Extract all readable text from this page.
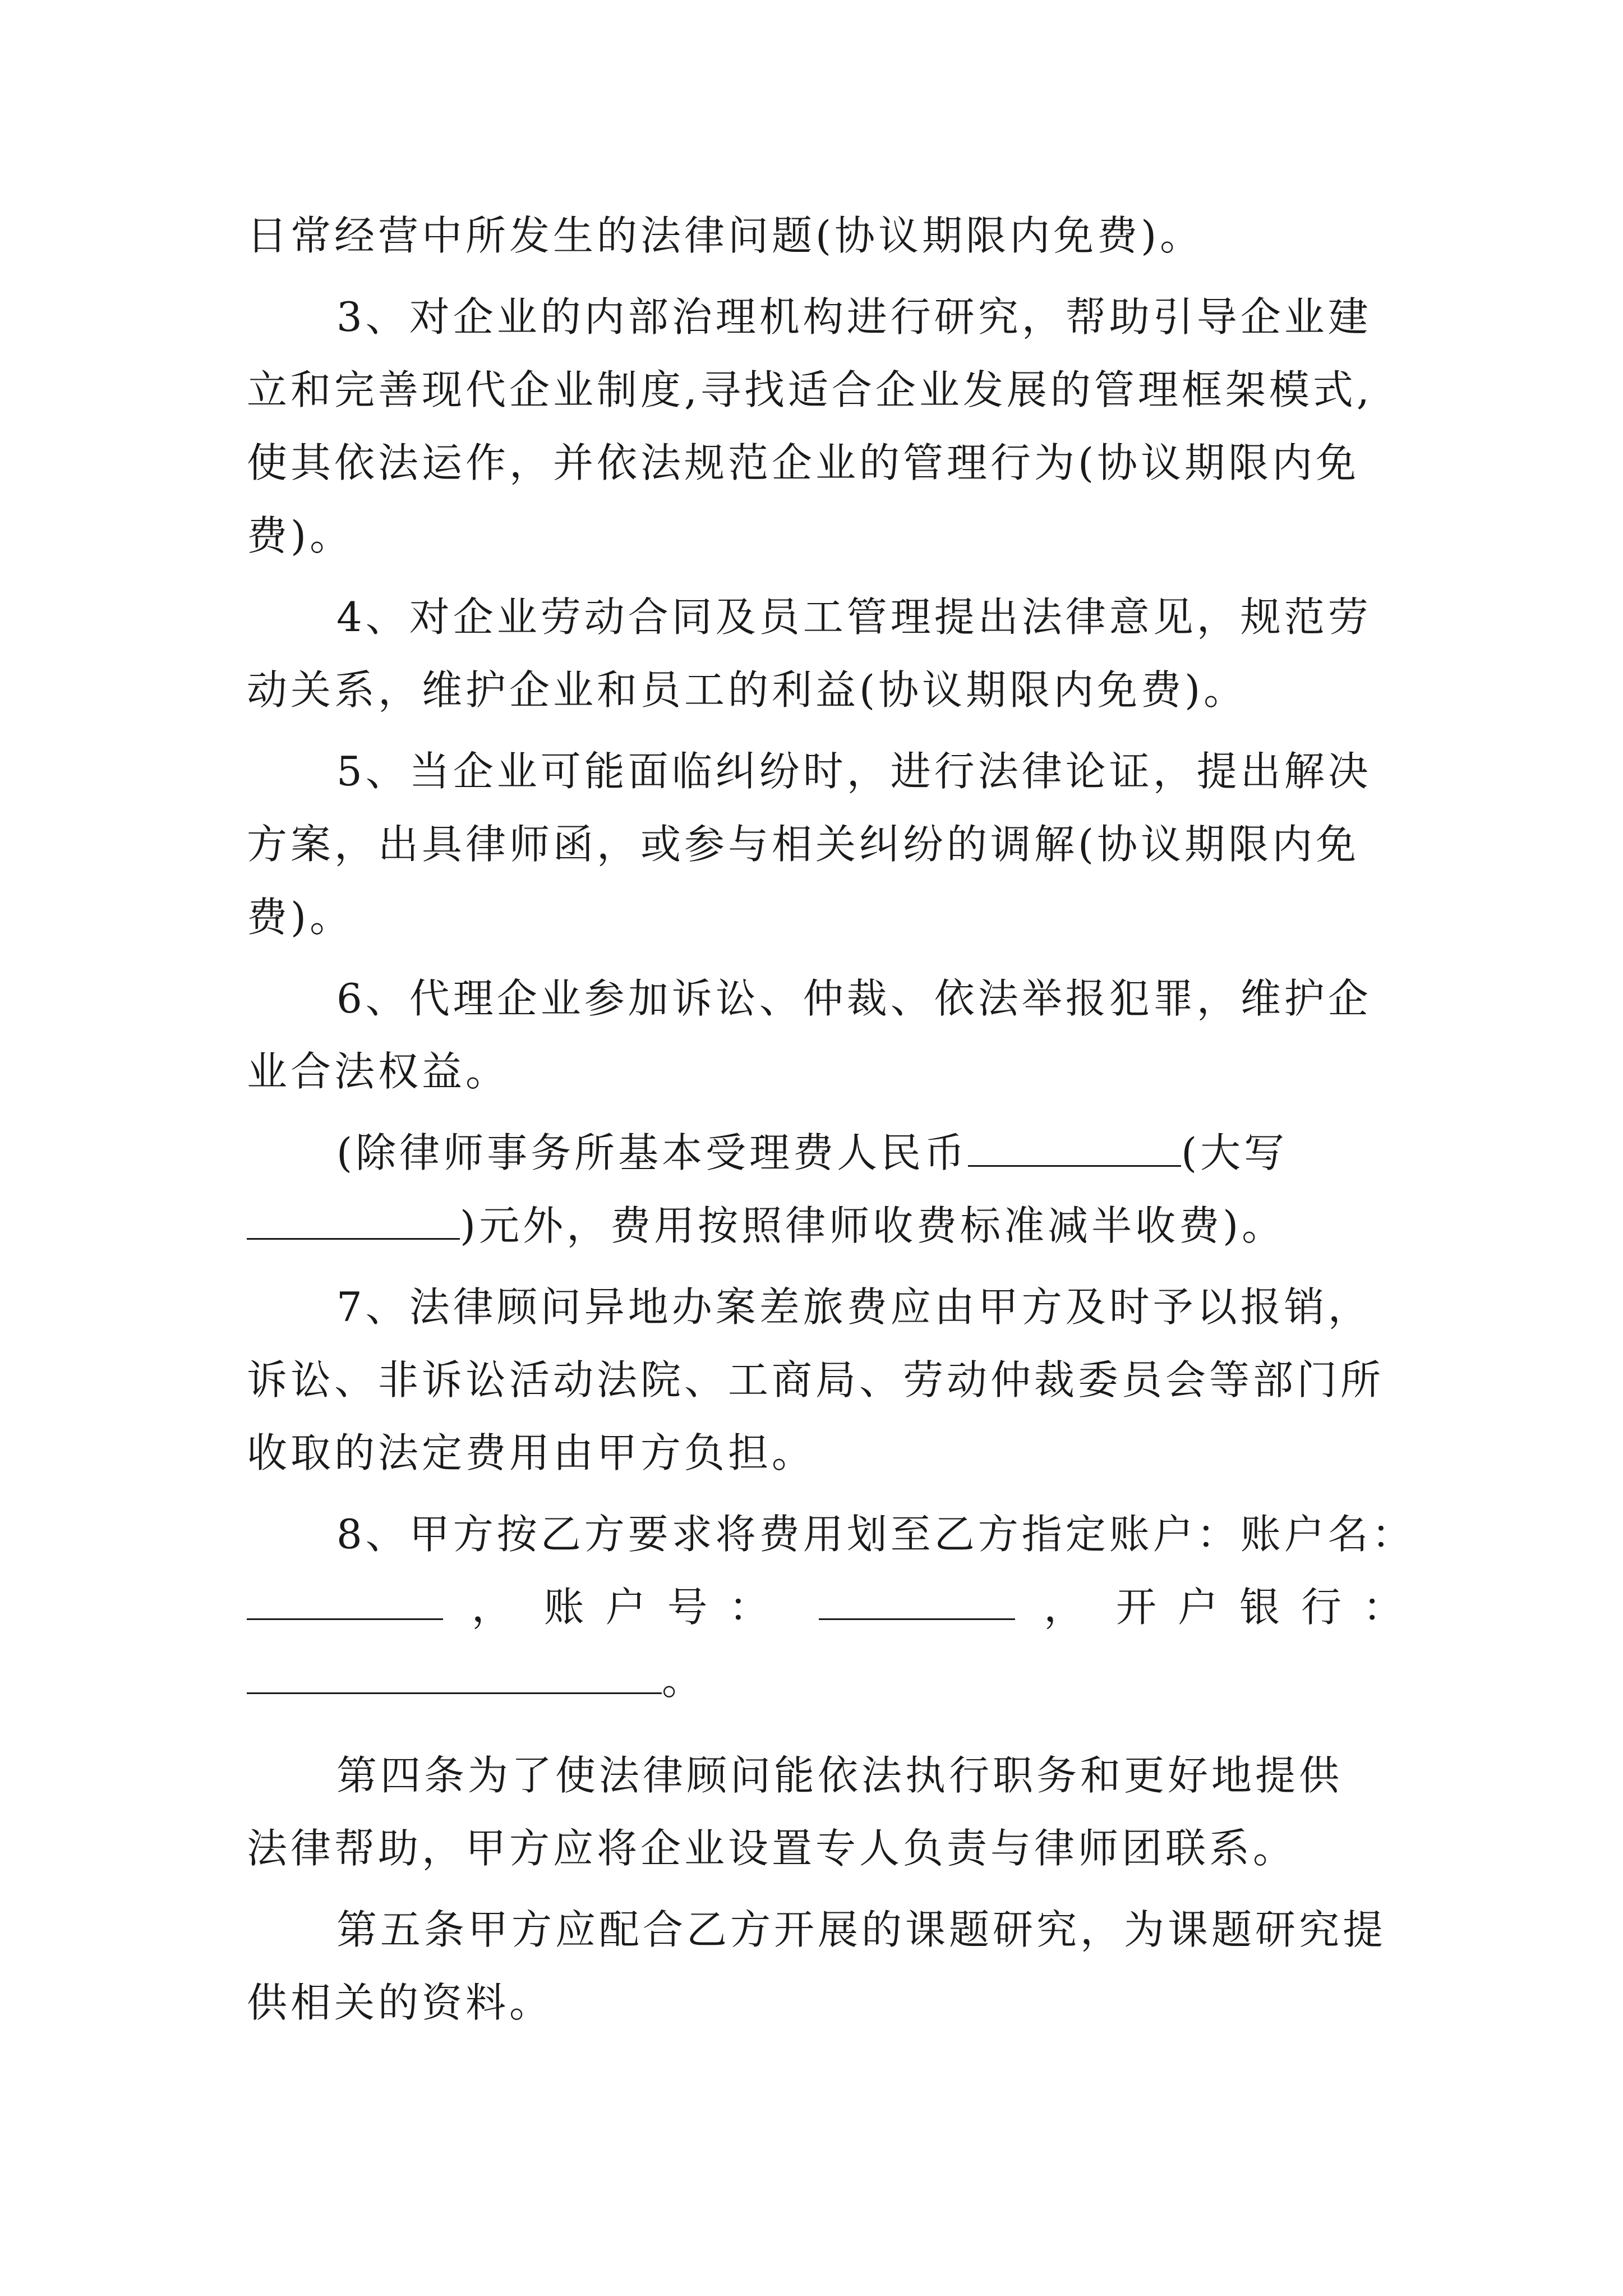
日常经营中所发生的法律问题(协议期限内免费)。
3、对企业的内部治理机构进行研究，帮助引导企业建
立和完善现代企业制度,寻找适合企业发展的管理框架模式,
使其依法运作，并依法规范企业的管理行为(协议期限内免
费)。
4、对企业劳动合同及员工管理提出法律意见，规范劳
动关系，维护企业和员工的利益(协议期限内免费)。
5、当企业可能面临纠纷时，进行法律论证，提出解决
方案，出具律师函，或参与相关纠纷的调解(协议期限内免
费)。
6、代理企业参加诉讼、仲裁、依法举报犯罪，维护企
业合法权益。
(除律师事务所基本受理费人民币	(大写
)元外，费用按照律师收费标准减半收费)。
7、法律顾问异地办案差旅费应由甲方及时予以报销，
诉讼、非诉讼活动法院、工商局、劳动仲裁委员会等部门所
收取的法定费用由甲方负担。
8、甲方按乙方要求将费用划至乙方指定账户：账户名：
， 账户号：	， 开户银行：
。
第四条为了使法律顾问能依法执行职务和更好地提供
法律帮助，甲方应将企业设置专人负责与律师团联系。
第五条甲方应配合乙方开展的课题研究，为课题研究提
供相关的资料。
